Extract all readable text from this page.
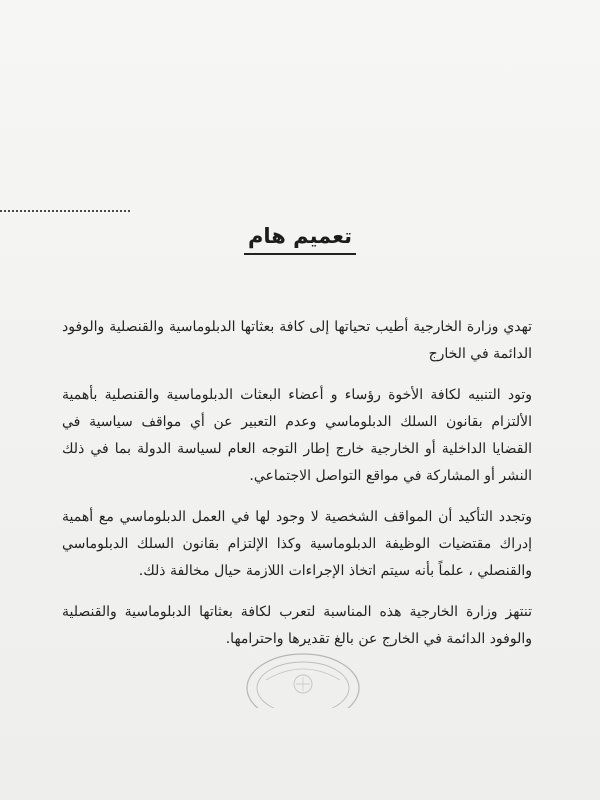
تعميم هام

تهدي وزارة الخارجية أطيب تحياتها إلى كافة بعثاتها الدبلوماسية والقنصلية والوفود الدائمة في الخارج

وتود التنبيه لكافة الأخوة رؤساء و أعضاء البعثات الدبلوماسية والقنصلية بأهمية الألتزام بقانون السلك الدبلوماسي وعدم التعبير عن أي مواقف سياسية في القضايا الداخلية أو الخارجية خارج إطار التوجه العام لسياسة الدولة بما في ذلك النشر أو المشاركة في مواقع التواصل الاجتماعي.

وتجدد التأكيد أن المواقف الشخصية لا وجود لها في العمل الدبلوماسي مع أهمية إدراك مقتضيات الوظيفة الدبلوماسية وكذا الإلتزام بقانون السلك الدبلوماسي والقنصلي ، علماً بأنه سيتم اتخاذ الإجراءات اللازمة حيال مخالفة ذلك.

تنتهز وزارة الخارجية هذه المناسبة لتعرب لكافة بعثاتها الدبلوماسية والقنصلية والوفود الدائمة في الخارج عن بالغ تقديرها واحترامها.
